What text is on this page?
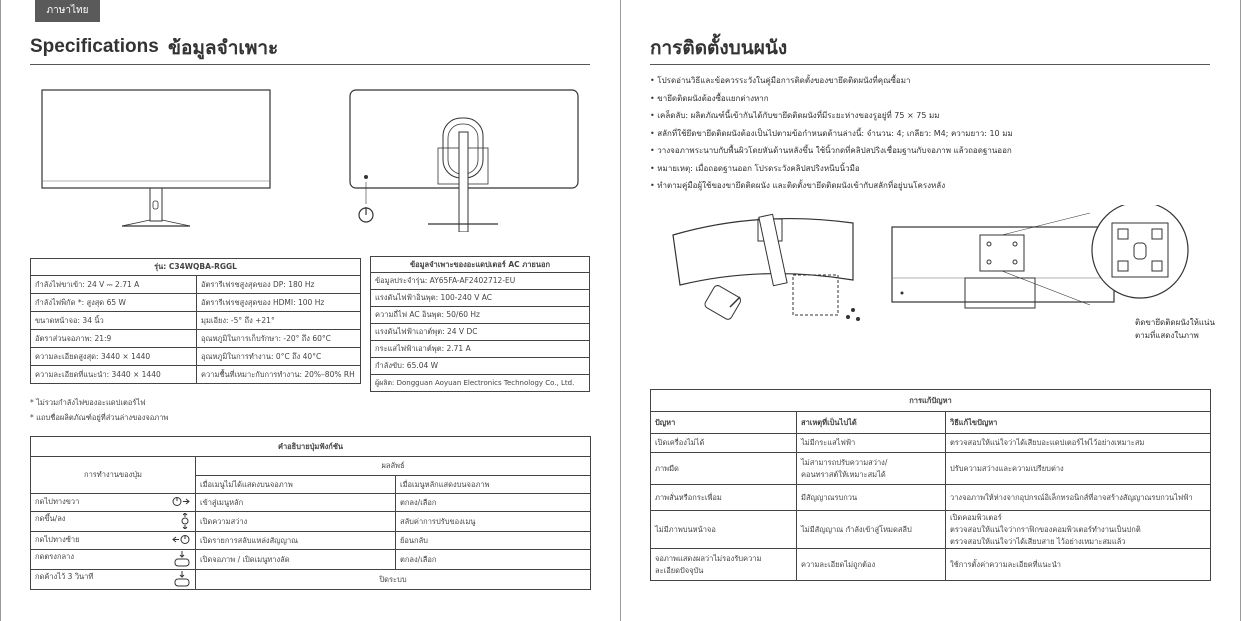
ภาษาไทย
Specifications ข้อมูลจำเพาะ	การติดตั้งบนผนัง
รุ่น: C34WQBA-RGGL	
กำลังไฟขาเข้า: 24 V ⎓ 2.71 A	อัตรารีเฟรชสูงสุดของ DP: 180 Hz
กำลังไฟพิกัด *: สูงสุด 65 W	อัตรารีเฟรชสูงสุดของ HDMI: 100 Hz
ขนาดหน้าจอ: 34 นิ้ว	มุมเอียง: -5° ถึง +21°
อัตราส่วนจอภาพ: 21:9	อุณหภูมิในการเก็บรักษา: -20° ถึง 60°C
ความละเอียดสูงสุด: 3440 × 1440	อุณหภูมิในการทำงาน: 0°C ถึง 40°C
ความละเอียดที่แนะนำ: 3440 × 1440	ความชื้นที่เหมาะกับการทำงาน: 20%–80% RH
ข้อมูลจำเพาะของอะแดปเตอร์ AC ภายนอก
ข้อมูลประจำรุ่น: AY65FA-AF2402712-EU
แรงดันไฟฟ้าอินพุต: 100-240 V AC
ความถี่ไฟ AC อินพุต: 50/60 Hz
แรงดันไฟฟ้าเอาต์พุต: 24 V DC
กระแสไฟฟ้าเอาต์พุต: 2.71 A
กำลังขับ: 65.04 W
ผู้ผลิต: Dongguan Aoyuan Electronics Technology Co., Ltd.
* ไม่รวมกำลังไฟของอะแดปเตอร์ไฟ
* แถบชื่อผลิตภัณฑ์อยู่ที่ส่วนล่างของจอภาพ
คำอธิบายปุ่มฟังก์ชัน		
การทำงานของปุ่ม	ผลลัพธ์	
	เมื่อเมนูไม่ได้แสดงบนจอภาพ	เมื่อเมนูหลักแสดงบนจอภาพ
กดไปทางขวา	เข้าสู่เมนูหลัก	ตกลง/เลือก
กดขึ้น/ลง	เปิดความสว่าง	สลับค่าการปรับของเมนู
กดไปทางซ้าย	เปิดรายการสลับแหล่งสัญญาณ	ย้อนกลับ
กดตรงกลาง	เปิดจอภาพ / เปิดเมนูทางลัด	ตกลง/เลือก
กดค้างไว้ 3 วินาที	ปิดระบบ	
• โปรดอ่านวิธีและข้อควรระวังในคู่มือการติดตั้งของขายึดติดผนังที่คุณซื้อมา
• ขายึดติดผนังต้องซื้อแยกต่างหาก
• เคล็ดลับ: ผลิตภัณฑ์นี้เข้ากันได้กับขายึดติดผนังที่มีระยะห่างของรูอยู่ที่ 75 × 75 มม
• สลักที่ใช้ยึดขายึดติดผนังต้องเป็นไปตามข้อกำหนดด้านล่างนี้: จำนวน: 4; เกลียว: M4; ความยาว: 10 มม
• วางจอภาพระนาบกับพื้นผิวโดยหันด้านหลังขึ้น ใช้นิ้วกดที่คลิปสปริงเชื่อมฐานกับจอภาพ แล้วถอดฐานออก
• หมายเหตุ: เมื่อถอดฐานออก โปรดระวังคลิปสปริงหนีบนิ้วมือ
• ทำตามคู่มือผู้ใช้ของขายึดติดผนัง และติดตั้งขายึดติดผนังเข้ากับสลักที่อยู่บนโครงหลัง
ติดขายึดติดผนังให้แน่นตามที่แสดงในภาพ
การแก้ปัญหา		
ปัญหา	สาเหตุที่เป็นไปได้	วิธีแก้ไขปัญหา
เปิดเครื่องไม่ได้	ไม่มีกระแสไฟฟ้า	ตรวจสอบให้แน่ใจว่าได้เสียบอะแดปเตอร์ไฟไว้อย่างเหมาะสม
ภาพมืด	ไม่สามารถปรับความสว่าง/
คอนทราสต์ให้เหมาะสมได้	ปรับความสว่างและความเปรียบต่าง
ภาพสั่นหรือกระเพื่อม	มีสัญญาณรบกวน	วางจอภาพให้ห่างจากอุปกรณ์อิเล็กทรอนิกส์ที่อาจสร้างสัญญาณรบกวนไฟฟ้า
ไม่มีภาพบนหน้าจอ	ไม่มีสัญญาณ กำลังเข้าสู่โหมดสลีป	เปิดคอมพิวเตอร์
ตรวจสอบให้แน่ใจว่ากราฟิกของคอมพิวเตอร์ทำงานเป็นปกติ
ตรวจสอบให้แน่ใจว่าได้เสียบสาย ไว้อย่างเหมาะสมแล้ว

จอภาพแสดงผลว่าไม่รองรับความ
ละเอียดปัจจุบัน	ความละเอียดไม่ถูกต้อง	ใช้การตั้งค่าความละเอียดที่แนะนำ
